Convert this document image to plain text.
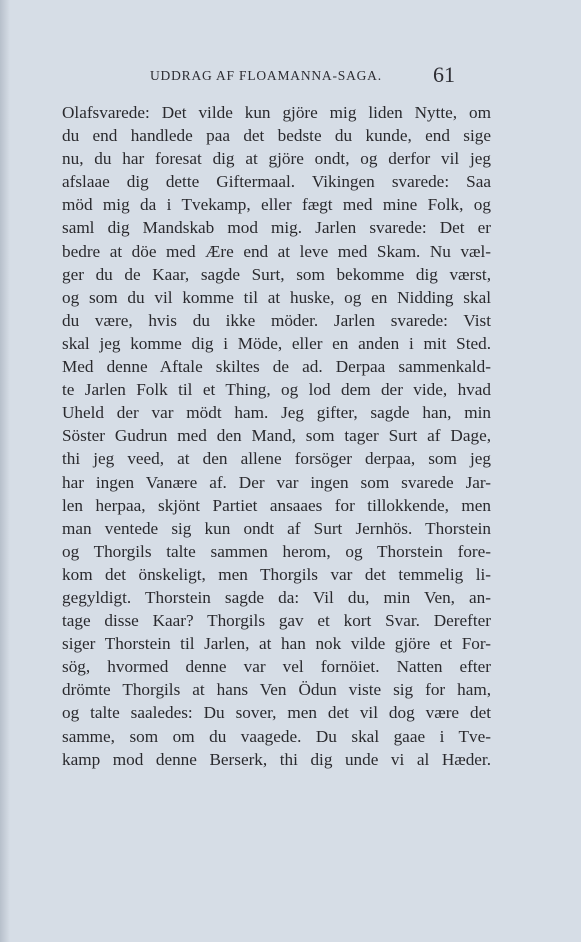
UDDRAG AF FLOAMANNA-SAGA. 61
Olafsvarede: Det vilde kun gjöre mig liden Nytte, om
du end handlede paa det bedste du kunde, end sige
nu, du har foresat dig at gjöre ondt, og derfor vil jeg
afslaae dig dette Giftermaal. Vikingen svarede: Saa
möd mig da i Tvekamp, eller fægt med mine Folk, og
saml dig Mandskab mod mig. Jarlen svarede: Det er
bedre at döe med Ære end at leve med Skam. Nu væl-
ger du de Kaar, sagde Surt, som bekomme dig værst,
og som du vil komme til at huske, og en Nidding skal
du være, hvis du ikke möder. Jarlen svarede: Vist
skal jeg komme dig i Möde, eller en anden i mit Sted.
Med denne Aftale skiltes de ad. Derpaa sammenkald-
te Jarlen Folk til et Thing, og lod dem der vide, hvad
Uheld der var mödt ham. Jeg gifter, sagde han, min
Söster Gudrun med den Mand, som tager Surt af Dage,
thi jeg veed, at den allene forsöger derpaa, som jeg
har ingen Vanære af. Der var ingen som svarede Jar-
len herpaa, skjönt Partiet ansaaes for tillokkende, men
man ventede sig kun ondt af Surt Jernhös. Thorstein
og Thorgils talte sammen herom, og Thorstein fore-
kom det önskeligt, men Thorgils var det temmelig li-
gegyldigt. Thorstein sagde da: Vil du, min Ven, an-
tage disse Kaar? Thorgils gav et kort Svar. Derefter
siger Thorstein til Jarlen, at han nok vilde gjöre et For-
sög, hvormed denne var vel fornöiet. Natten efter
drömte Thorgils at hans Ven Ödun viste sig for ham,
og talte saaledes: Du sover, men det vil dog være det
samme, som om du vaagede. Du skal gaae i Tve-
kamp mod denne Berserk, thi dig unde vi al Hæder.
